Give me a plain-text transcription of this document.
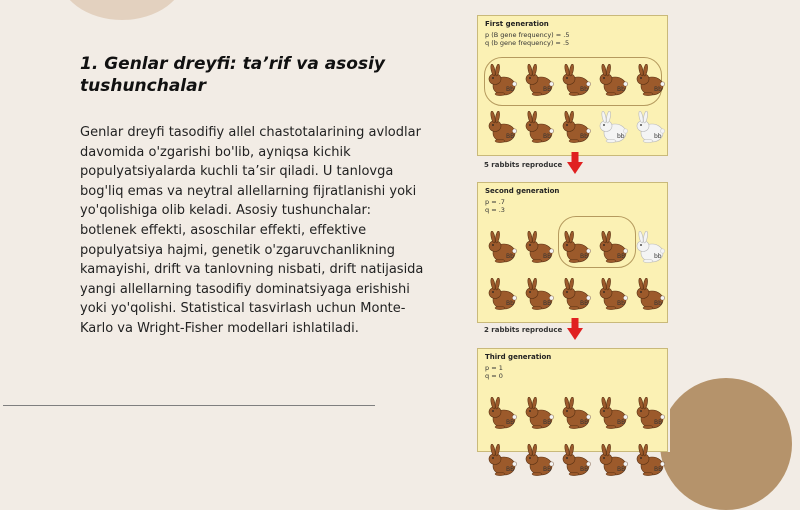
1. Genlar dreyfi: ta’rif va asosiy tushunchalar
Genlar dreyfi tasodifiy allel chastotalarining avlodlar davomida o'zgarishi bo'lib, ayniqsa kichik populyatsiyalarda kuchli ta’sir qiladi. U tanlovga bog'liq emas va neytral allellarning fijratlanishi yoki yo'qolishiga olib keladi. Asosiy tushunchalar: botlenek effekti, asoschilar effekti, effektive populyatsiya hajmi, genetik o'zgaruvchanlikning kamayishi, drift va tanlovning nisbati, drift natijasida yangi allellarning tasodifiy dominatsiyaga erishishi yoki yo'qolishi. Statistical tasvirlash uchun Monte-Karlo va Wright-Fisher modellari ishlatiladi.
First generation
p (B gene frequency) = .5
q (b gene frequency) = .5
Bb	BB	Bb	Bb	Bb
BB	Bb	Bb	bb	bb
5 rabbits reproduce
Second generation
p = .7
q = .3
Bb	BB	BB	BB	bb
Bb	BB	BB	Bb	Bb
2 rabbits reproduce
Third generation
p = 1
q = 0
BB	BB	BB	BB	BB
BB	BB	BB	BB	BB
